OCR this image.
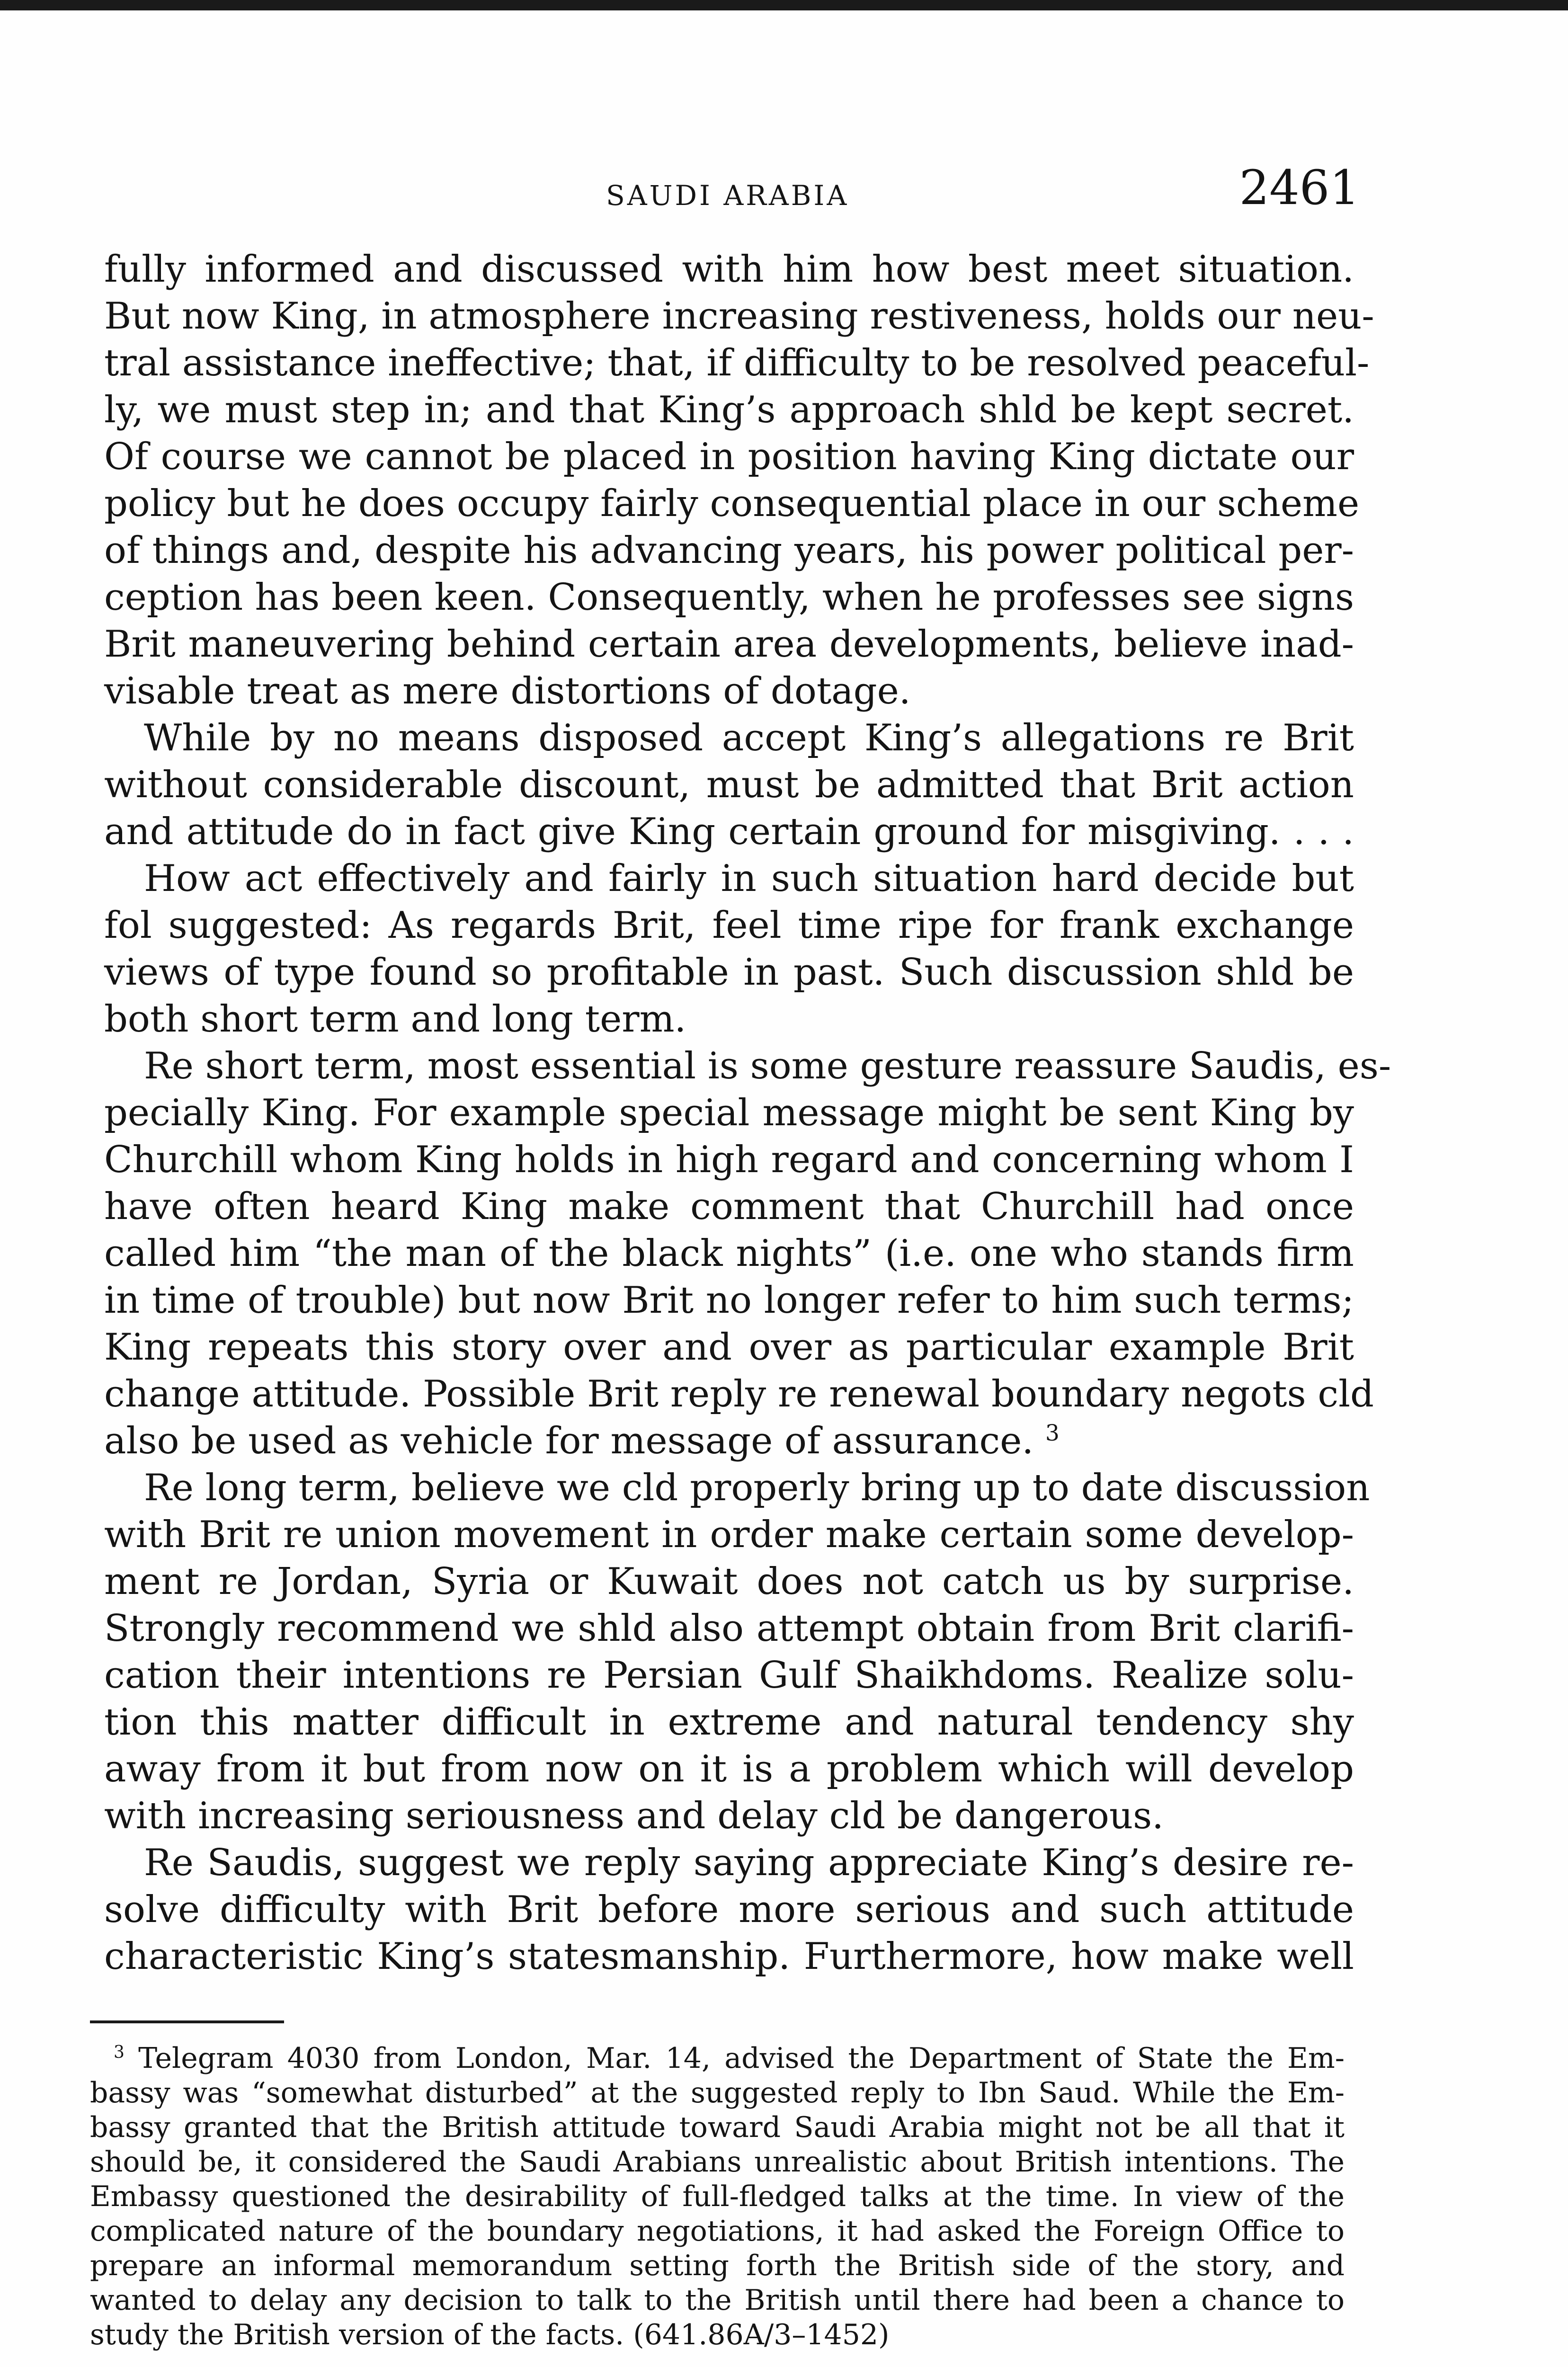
SAUDI ARABIA	2461
fully informed and discussed with him how best meet situation.
But now King, in atmosphere increasing restiveness, holds our neu-
tral assistance ineffective; that, if difficulty to be resolved peaceful-
ly, we must step in; and that King’s approach shld be kept secret.
Of course we cannot be placed in position having King dictate our
policy but he does occupy fairly consequential place in our scheme
of things and, despite his advancing years, his power political per-
ception has been keen. Consequently, when he professes see signs
Brit maneuvering behind certain area developments, believe inad-
visable treat as mere distortions of dotage.
While by no means disposed accept King’s allegations re Brit
without considerable discount, must be admitted that Brit action
and attitude do in fact give King certain ground for misgiving. . . .
How act effectively and fairly in such situation hard decide but
fol suggested: As regards Brit, feel time ripe for frank exchange
views of type found so profitable in past. Such discussion shld be
both short term and long term.
Re short term, most essential is some gesture reassure Saudis, es-
pecially King. For example special message might be sent King by
Churchill whom King holds in high regard and concerning whom I
have often heard King make comment that Churchill had once
called him “the man of the black nights” (i.e. one who stands firm
in time of trouble) but now Brit no longer refer to him such terms;
King repeats this story over and over as particular example Brit
change attitude. Possible Brit reply re renewal boundary negots cld
also be used as vehicle for message of assurance. $^3$
Re long term, believe we cld properly bring up to date discussion
with Brit re union movement in order make certain some develop-
ment re Jordan, Syria or Kuwait does not catch us by surprise.
Strongly recommend we shld also attempt obtain from Brit clarifi-
cation their intentions re Persian Gulf Shaikhdoms. Realize solu-
tion this matter difficult in extreme and natural tendency shy
away from it but from now on it is a problem which will develop
with increasing seriousness and delay cld be dangerous.
Re Saudis, suggest we reply saying appreciate King’s desire re-
solve difficulty with Brit before more serious and such attitude
characteristic King’s statesmanship. Furthermore, how make well
$^3$ Telegram 4030 from London, Mar. 14, advised the Department of State the Em-
bassy was “somewhat disturbed” at the suggested reply to Ibn Saud. While the Em-
bassy granted that the British attitude toward Saudi Arabia might not be all that it
should be, it considered the Saudi Arabians unrealistic about British intentions. The
Embassy questioned the desirability of full-fledged talks at the time. In view of the
complicated nature of the boundary negotiations, it had asked the Foreign Office to
prepare an informal memorandum setting forth the British side of the story, and
wanted to delay any decision to talk to the British until there had been a chance to
study the British version of the facts. (641.86A/3–1452)
